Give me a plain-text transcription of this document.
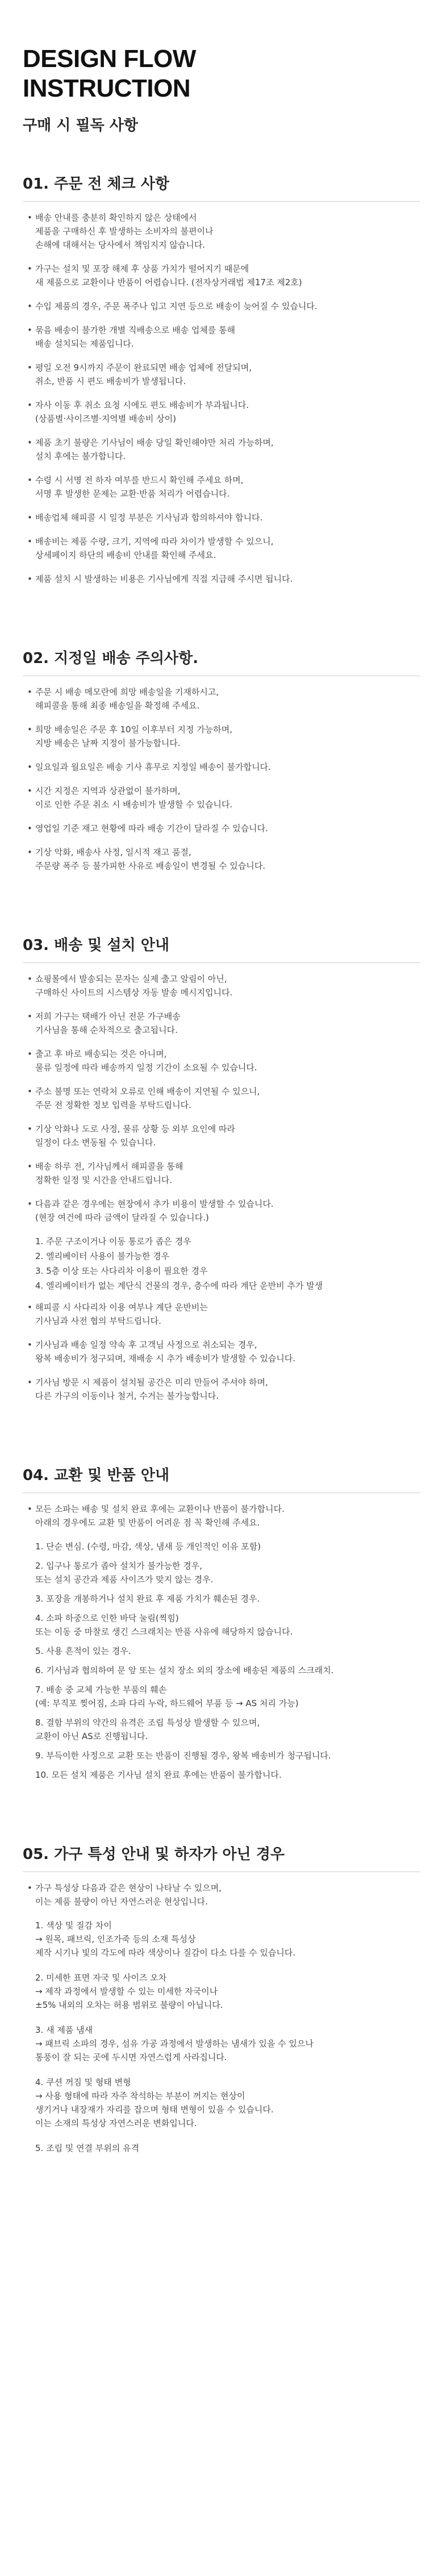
DESIGN FLOW
INSTRUCTION
구매 시 필독 사항
01. 주문 전 체크 사항
• 배송 안내를 충분히 확인하지 않은 상태에서
제품을 구매하신 후 발생하는 소비자의 불편이나
손해에 대해서는 당사에서 책임지지 않습니다.
• 가구는 설치 및 포장 해제 후 상품 가치가 떨어지기 때문에
새 제품으로 교환이나 반품이 어렵습니다. (전자상거래법 제17조 제2호)
• 수입 제품의 경우, 주문 폭주나 입고 지연 등으로 배송이 늦어질 수 있습니다.
• 묶음 배송이 불가한 개별 직배송으로 배송 업체를 통해
배송 설치되는 제품입니다.
• 평일 오전 9시까지 주문이 완료되면 배송 업체에 전달되며,
취소, 반품 시 편도 배송비가 발생됩니다.
• 자사 이동 후 취소 요청 시에도 편도 배송비가 부과됩니다.
(상품별·사이즈별·지역별 배송비 상이)
• 제품 초기 불량은 기사님이 배송 당일 확인해야만 처리 가능하며,
설치 후에는 불가합니다.
• 수령 시 서명 전 하자 여부를 반드시 확인해 주세요 하며,
서명 후 발생한 문제는 교환·반품 처리가 어렵습니다.
• 배송업체 해피콜 시 일정 부분은 기사님과 합의하셔야 합니다.
• 배송비는 제품 수량, 크기, 지역에 따라 차이가 발생할 수 있으니,
상세페이지 하단의 배송비 안내를 확인해 주세요.
• 제품 설치 시 발생하는 비용은 기사님에게 직접 지급해 주시면 됩니다.
02. 지정일 배송 주의사항.
• 주문 시 배송 메모란에 희망 배송일을 기재하시고,
해피콜을 통해 최종 배송일을 확정해 주세요.
• 희망 배송일은 주문 후 10일 이후부터 지정 가능하며,
지방 배송은 날짜 지정이 불가능합니다.
• 일요일과 월요일은 배송 기사 휴무로 지정일 배송이 불가합니다.
• 시간 지정은 지역과 상관없이 불가하며,
이로 인한 주문 취소 시 배송비가 발생할 수 있습니다.
• 영업일 기준 재고 현황에 따라 배송 기간이 달라질 수 있습니다.
• 기상 악화, 배송사 사정, 일시적 재고 품절,
주문량 폭주 등 불가피한 사유로 배송일이 변경될 수 있습니다.
03. 배송 및 설치 안내
• 쇼핑몰에서 발송되는 문자는 실제 출고 알림이 아닌,
구매하신 사이트의 시스템상 자동 발송 메시지입니다.
• 저희 가구는 택배가 아닌 전문 가구배송
기사님을 통해 순차적으로 출고됩니다.
• 출고 후 바로 배송되는 것은 아니며,
물류 일정에 따라 배송까지 일정 기간이 소요될 수 있습니다.
• 주소 불명 또는 연락처 오류로 인해 배송이 지연될 수 있으니,
주문 전 정확한 정보 입력을 부탁드립니다.
• 기상 악화나 도로 사정, 물류 상황 등 외부 요인에 따라
일정이 다소 변동될 수 있습니다.
• 배송 하루 전, 기사님께서 해피콜을 통해
정확한 일정 및 시간을 안내드립니다.
• 다음과 같은 경우에는 현장에서 추가 비용이 발생할 수 있습니다.
(현장 여건에 따라 금액이 달라질 수 있습니다.)
1. 주문 구조이거나 이동 통로가 좁은 경우
2. 엘리베이터 사용이 불가능한 경우
3. 5층 이상 또는 사다리차 이용이 필요한 경우
4. 엘리베이터가 없는 계단식 건물의 경우, 층수에 따라 계단 운반비 추가 발생
• 해피콜 시 사다리차 이용 여부나 계단 운반비는
기사님과 사전 협의 부탁드립니다.
• 기사님과 배송 일정 약속 후 고객님 사정으로 취소되는 경우,
왕복 배송비가 청구되며, 재배송 시 추가 배송비가 발생할 수 있습니다.
• 기사님 방문 시 제품이 설치될 공간은 미리 만들어 주셔야 하며,
다른 가구의 이동이나 철거, 수거는 불가능합니다.
04. 교환 및 반품 안내
• 모든 소파는 배송 및 설치 완료 후에는 교환이나 반품이 불가합니다.
아래의 경우에도 교환 및 반품이 어려운 점 꼭 확인해 주세요.
1. 단순 변심. (수령, 마감, 색상, 냄새 등 개인적인 이유 포함)
2. 입구나 통로가 좁아 설치가 불가능한 경우,
또는 설치 공간과 제품 사이즈가 맞지 않는 경우.
3. 포장을 개봉하거나 설치 완료 후 제품 가치가 훼손된 경우.
4. 소파 하중으로 인한 바닥 눌림(찍힘)
또는 이동 중 마찰로 생긴 스크래치는 반품 사유에 해당하지 않습니다.
5. 사용 흔적이 있는 경우.
6. 기사님과 협의하여 문 앞 또는 설치 장소 외의 장소에 배송된 제품의 스크래치.
7. 배송 중 교체 가능한 부품의 훼손
(예: 부직포 찢어짐, 소파 다리 누락, 하드웨어 부품 등 → AS 처리 가능)
8. 결함 부위의 약간의 유격은 조립 특성상 발생할 수 있으며,
교환이 아닌 AS로 진행됩니다.
9. 부득이한 사정으로 교환 또는 반품이 진행될 경우, 왕복 배송비가 청구됩니다.
10. 모든 설치 제품은 기사님 설치 완료 후에는 반품이 불가합니다.
05. 가구 특성 안내 및 하자가 아닌 경우
• 가구 특성상 다음과 같은 현상이 나타날 수 있으며,
이는 제품 불량이 아닌 자연스러운 현상입니다.
1. 색상 및 질감 차이
→ 원목, 패브릭, 인조가죽 등의 소재 특성상
제작 시기나 빛의 각도에 따라 색상이나 질감이 다소 다를 수 있습니다.
2. 미세한 표면 자국 및 사이즈 오차
→ 제작 과정에서 발생할 수 있는 미세한 자국이나
±5% 내외의 오차는 허용 범위로 불량이 아닙니다.
3. 새 제품 냄새
→ 패브릭 소파의 경우, 섬유 가공 과정에서 발생하는 냄새가 있을 수 있으나
통풍이 잘 되는 곳에 두시면 자연스럽게 사라집니다.
4. 쿠션 꺼짐 및 형태 변형
→ 사용 형태에 따라 자주 착석하는 부분이 꺼지는 현상이
생기거나 내장재가 자리를 잡으며 형태 변형이 있을 수 있습니다.
이는 소재의 특성상 자연스러운 변화입니다.
5. 조립 및 연결 부위의 유격
